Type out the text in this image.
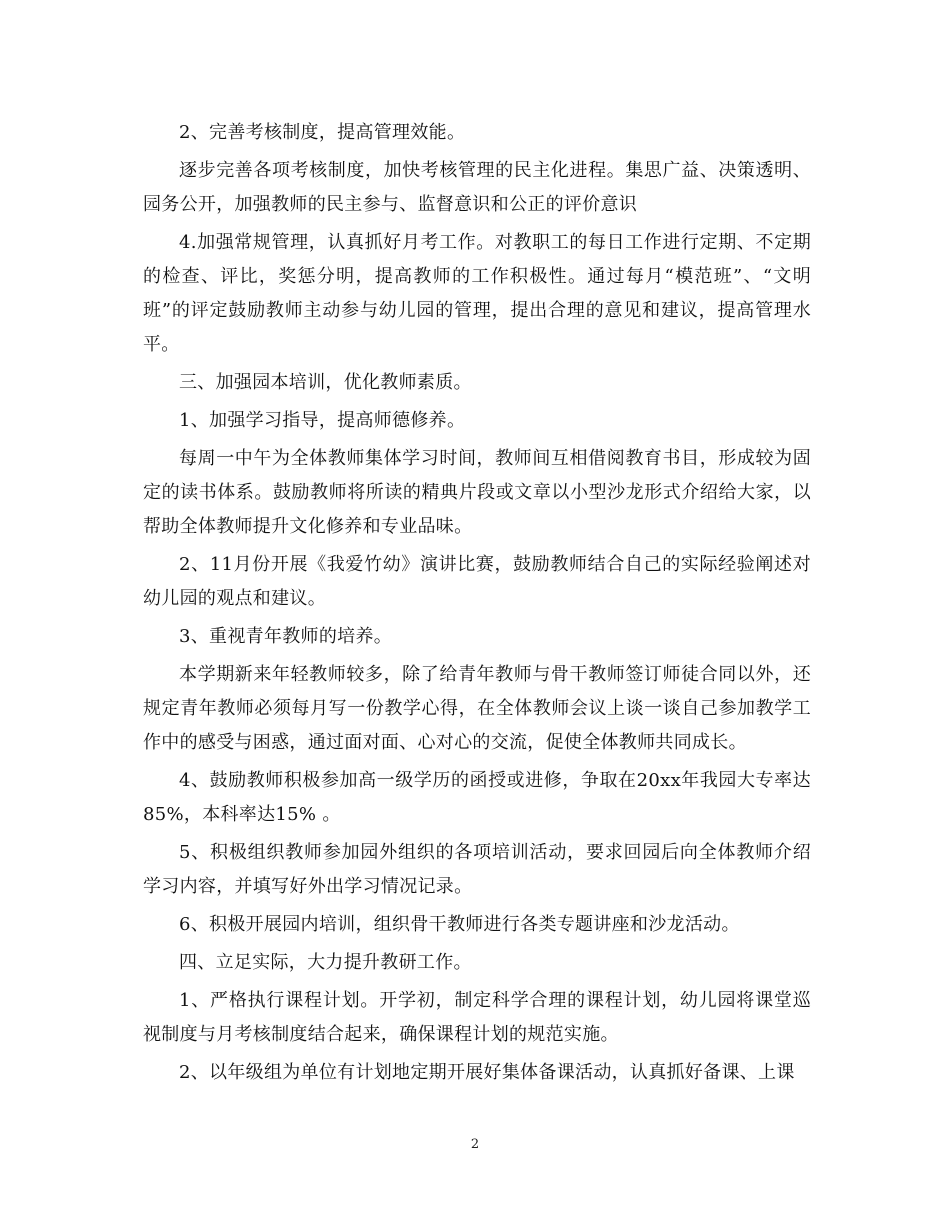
2、完善考核制度，提高管理效能。

逐步完善各项考核制度，加快考核管理的民主化进程。集思广益、决策透明、园务公开，加强教师的民主参与、监督意识和公正的评价意识

4.加强常规管理，认真抓好月考工作。对教职工的每日工作进行定期、不定期的检查、评比，奖惩分明，提高教师的工作积极性。通过每月“模范班”、“文明班”的评定鼓励教师主动参与幼儿园的管理，提出合理的意见和建议，提高管理水平。

三、加强园本培训，优化教师素质。

1、加强学习指导，提高师德修养。

每周一中午为全体教师集体学习时间，教师间互相借阅教育书目，形成较为固定的读书体系。鼓励教师将所读的精典片段或文章以小型沙龙形式介绍给大家，以帮助全体教师提升文化修养和专业品味。

2、11月份开展《我爱竹幼》演讲比赛，鼓励教师结合自己的实际经验阐述对幼儿园的观点和建议。

3、重视青年教师的培养。

本学期新来年轻教师较多，除了给青年教师与骨干教师签订师徒合同以外，还规定青年教师必须每月写一份教学心得，在全体教师会议上谈一谈自己参加教学工作中的感受与困惑，通过面对面、心对心的交流，促使全体教师共同成长。

4、鼓励教师积极参加高一级学历的函授或进修，争取在20xx年我园大专率达85%，本科率达15% 。

5、积极组织教师参加园外组织的各项培训活动，要求回园后向全体教师介绍学习内容，并填写好外出学习情况记录。

6、积极开展园内培训，组织骨干教师进行各类专题讲座和沙龙活动。

四、立足实际，大力提升教研工作。

1、严格执行课程计划。开学初，制定科学合理的课程计划，幼儿园将课堂巡视制度与月考核制度结合起来，确保课程计划的规范实施。

2、以年级组为单位有计划地定期开展好集体备课活动，认真抓好备课、上课

2
